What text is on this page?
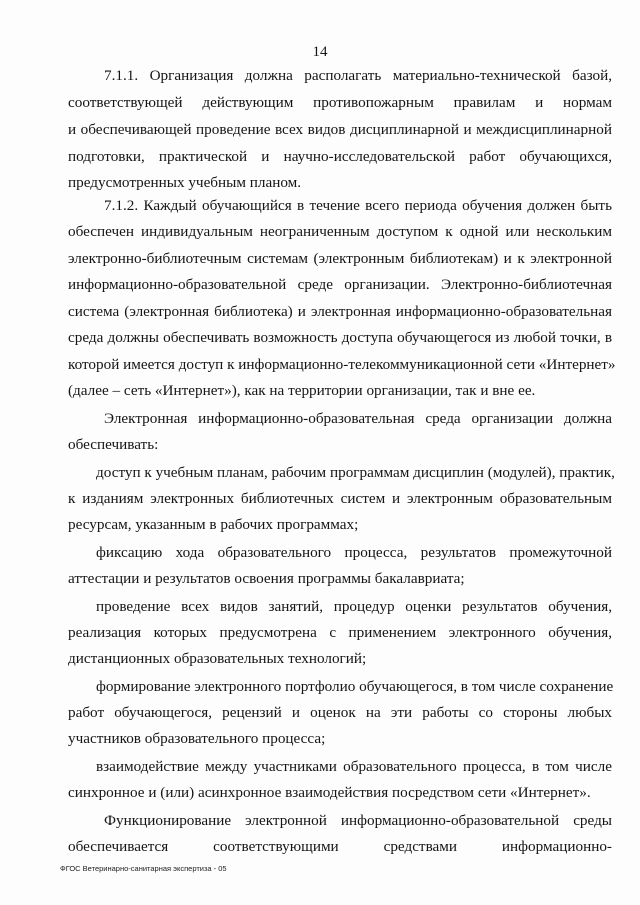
14
7.1.1. Организация должна располагать материально-технической базой,
соответствующей действующим противопожарным правилам и нормам
и обеспечивающей проведение всех видов дисциплинарной и междисциплинарной
подготовки, практической и научно-исследовательской работ обучающихся,
предусмотренных учебным планом.
7.1.2. Каждый обучающийся в течение всего периода обучения должен быть
обеспечен индивидуальным неограниченным доступом к одной или нескольким
электронно-библиотечным системам (электронным библиотекам) и к электронной
информационно-образовательной среде организации. Электронно-библиотечная
система (электронная библиотека) и электронная информационно-образовательная
среда должны обеспечивать возможность доступа обучающегося из любой точки, в
которой имеется доступ к информационно-телекоммуникационной сети «Интернет»
(далее – сеть «Интернет»), как на территории организации, так и вне ее.
Электронная информационно-образовательная среда организации должна
обеспечивать:
доступ к учебным планам, рабочим программам дисциплин (модулей), практик,
к изданиям электронных библиотечных систем и электронным образовательным
ресурсам, указанным в рабочих программах;
фиксацию хода образовательного процесса, результатов промежуточной
аттестации и результатов освоения программы бакалавриата;
проведение всех видов занятий, процедур оценки результатов обучения,
реализация которых предусмотрена с применением электронного обучения,
дистанционных образовательных технологий;
формирование электронного портфолио обучающегося, в том числе сохранение
работ обучающегося, рецензий и оценок на эти работы со стороны любых
участников образовательного процесса;
взаимодействие между участниками образовательного процесса, в том числе
синхронное и (или) асинхронное взаимодействия посредством сети «Интернет».
Функционирование электронной информационно-образовательной среды
обеспечивается соответствующими средствами информационно-
ФГОС Ветеринарно-санитарная экспертиза - 05
